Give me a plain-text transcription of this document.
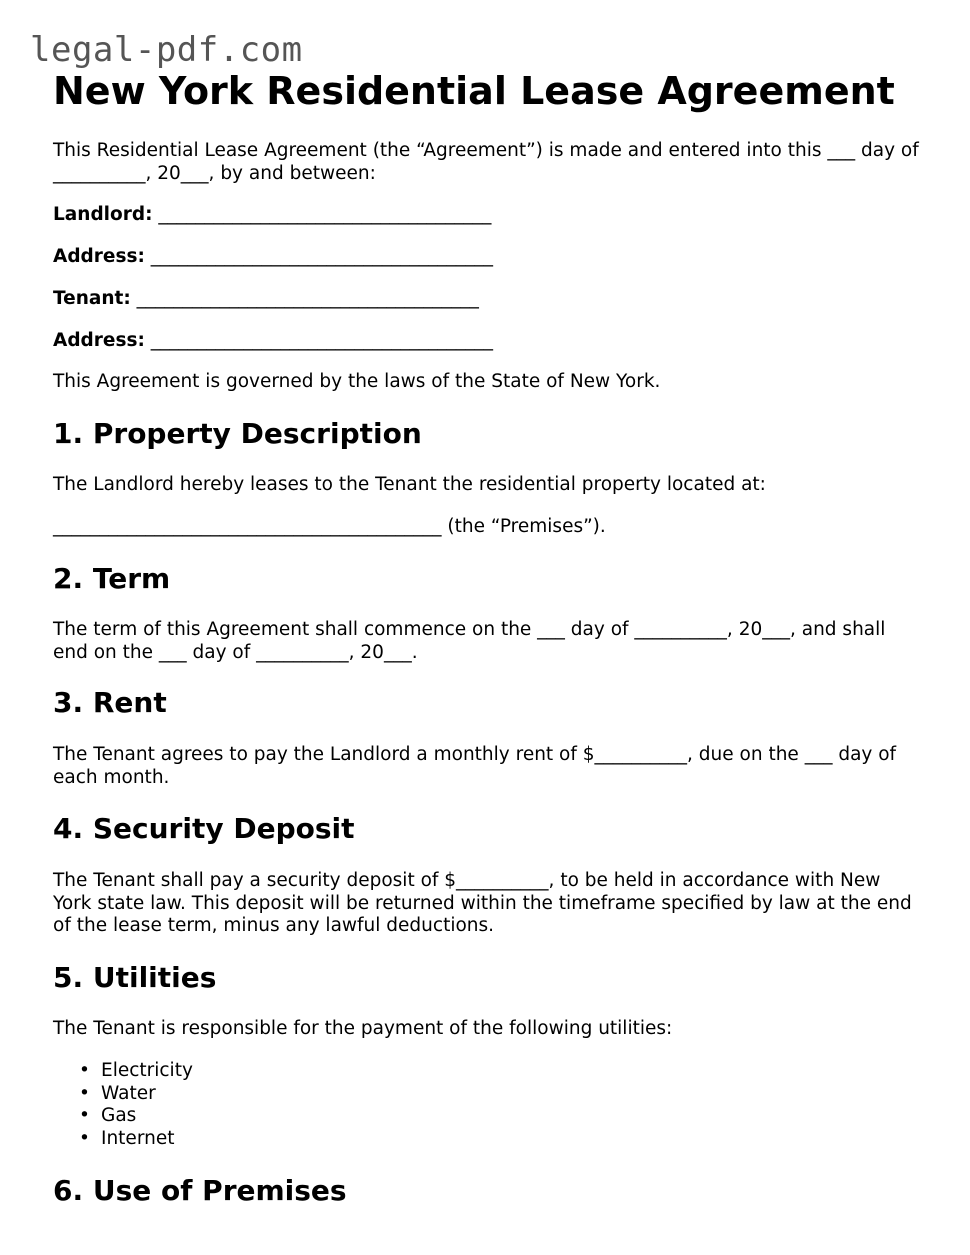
legal-pdf.com
New York Residential Lease Agreement

This Residential Lease Agreement (the “Agreement”) is made and entered into this ___ day of __________, 20___, by and between:

Landlord: ____________________________________
Address: _____________________________________
Tenant: _____________________________________
Address: _____________________________________

This Agreement is governed by the laws of the State of New York.

1. Property Description

The Landlord hereby leases to the Tenant the residential property located at:

__________________________________________ (the “Premises”).

2. Term

The term of this Agreement shall commence on the ___ day of __________, 20___, and shall end on the ___ day of __________, 20___.

3. Rent

The Tenant agrees to pay the Landlord a monthly rent of $__________, due on the ___ day of each month.

4. Security Deposit

The Tenant shall pay a security deposit of $__________, to be held in accordance with New York state law. This deposit will be returned within the timeframe specified by law at the end of the lease term, minus any lawful deductions.

5. Utilities

The Tenant is responsible for the payment of the following utilities:

• Electricity
• Water
• Gas
• Internet
6. Use of Premises
